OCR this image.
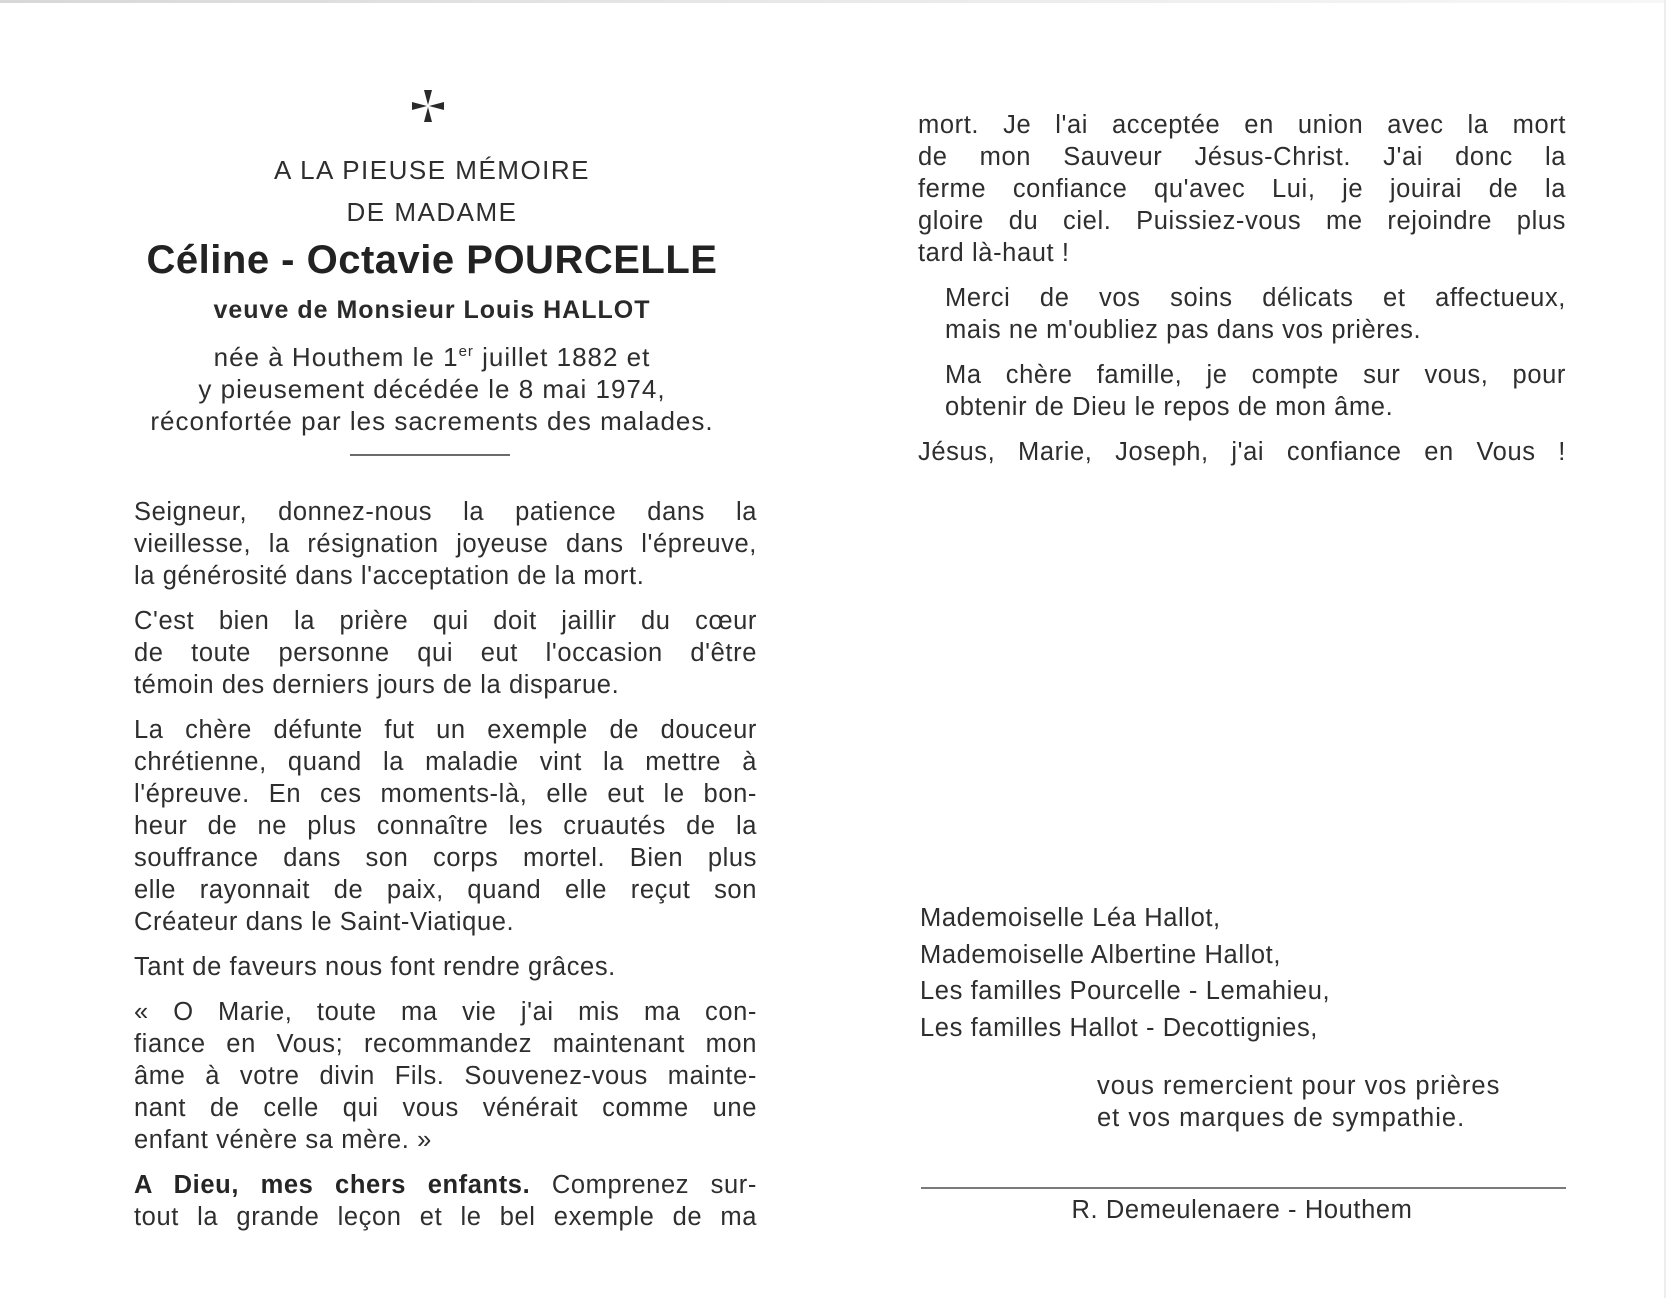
A LA PIEUSE MÉMOIRE
DE MADAME
Céline - Octavie POURCELLE
veuve de Monsieur Louis HALLOT
née à Houthem le 1er juillet 1882 et
y pieusement décédée le 8 mai 1974,
réconfortée par les sacrements des malades.

Seigneur, donnez-nous la patience dans la
vieillesse, la résignation joyeuse dans l'épreuve,
la générosité dans l'acceptation de la mort.

C'est bien la prière qui doit jaillir du cœur
de toute personne qui eut l'occasion d'être
témoin des derniers jours de la disparue.

La chère défunte fut un exemple de douceur
chrétienne, quand la maladie vint la mettre à
l'épreuve. En ces moments-là, elle eut le bon-
heur de ne plus connaître les cruautés de la
souffrance dans son corps mortel. Bien plus
elle rayonnait de paix, quand elle reçut son
Créateur dans le Saint-Viatique.

Tant de faveurs nous font rendre grâces.

« O Marie, toute ma vie j'ai mis ma con-
fiance en Vous; recommandez maintenant mon
âme à votre divin Fils. Souvenez-vous mainte-
nant de celle qui vous vénérait comme une
enfant vénère sa mère. »

A Dieu, mes chers enfants. Comprenez sur-
tout la grande leçon et le bel exemple de ma

mort. Je l'ai acceptée en union avec la mort
de mon Sauveur Jésus-Christ. J'ai donc la
ferme confiance qu'avec Lui, je jouirai de la
gloire du ciel. Puissiez-vous me rejoindre plus
tard là-haut !

Merci de vos soins délicats et affectueux,
mais ne m'oubliez pas dans vos prières.

Ma chère famille, je compte sur vous, pour
obtenir de Dieu le repos de mon âme.

Jésus, Marie, Joseph, j'ai confiance en Vous !

Mademoiselle Léa Hallot,
Mademoiselle Albertine Hallot,
Les familles Pourcelle - Lemahieu,
Les familles Hallot - Decottignies,
vous remercient pour vos prières
et vos marques de sympathie.
R. Demeulenaere - Houthem
